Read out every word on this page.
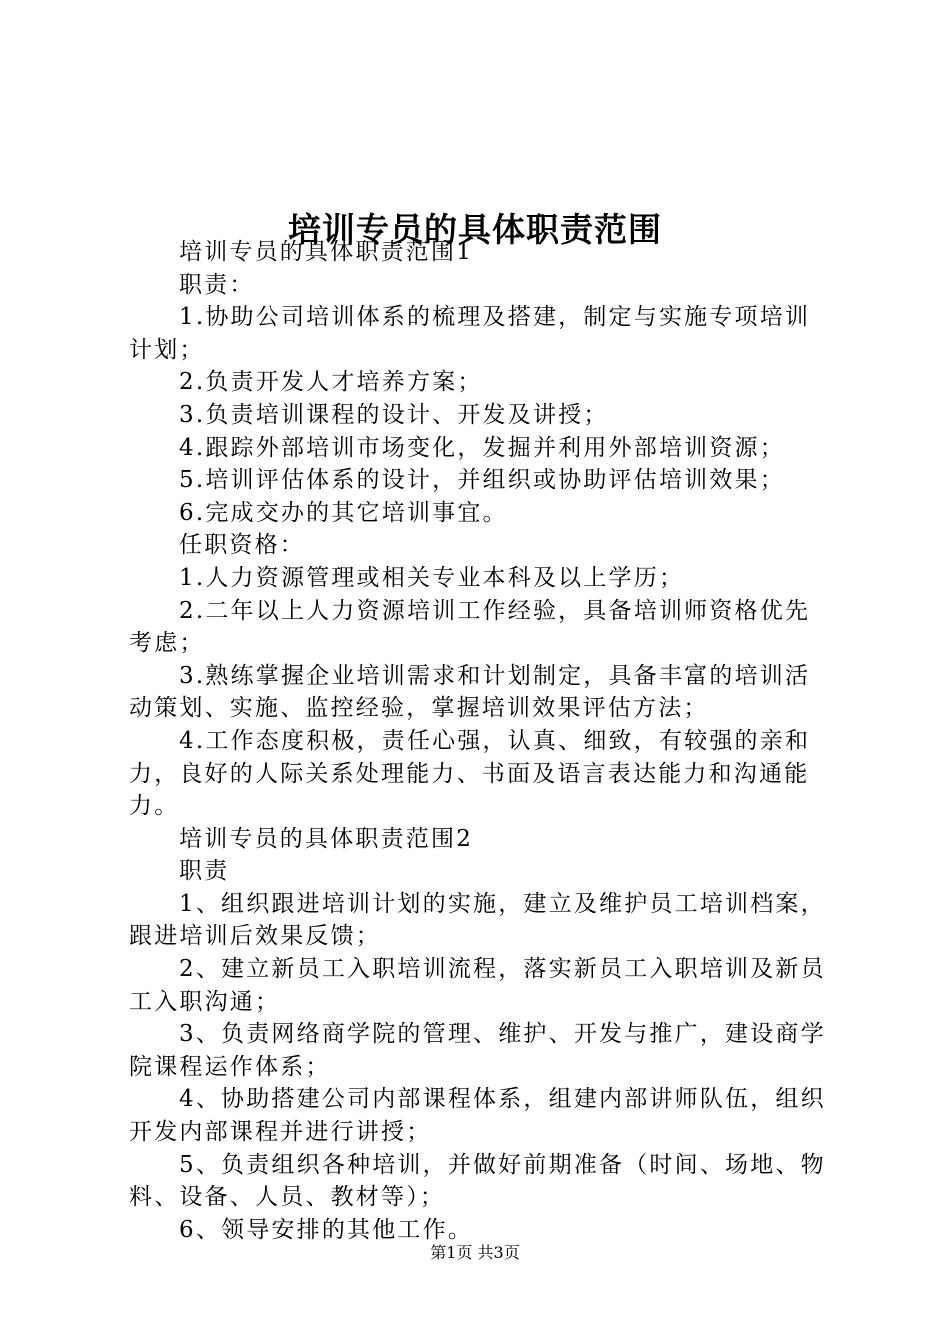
培训专员的具体职责范围

培训专员的具体职责范围1

职责：

1.协助公司培训体系的梳理及搭建，制定与实施专项培训计划；

2.负责开发人才培养方案；

3.负责培训课程的设计、开发及讲授；

4.跟踪外部培训市场变化，发掘并利用外部培训资源；

5.培训评估体系的设计，并组织或协助评估培训效果；

6.完成交办的其它培训事宜。

任职资格：

1.人力资源管理或相关专业本科及以上学历；

2.二年以上人力资源培训工作经验，具备培训师资格优先考虑；

3.熟练掌握企业培训需求和计划制定，具备丰富的培训活动策划、实施、监控经验，掌握培训效果评估方法；

4.工作态度积极，责任心强，认真、细致，有较强的亲和力，良好的人际关系处理能力、书面及语言表达能力和沟通能力。

培训专员的具体职责范围2

职责

1、组织跟进培训计划的实施，建立及维护员工培训档案，跟进培训后效果反馈；

2、建立新员工入职培训流程，落实新员工入职培训及新员工入职沟通；

3、负责网络商学院的管理、维护、开发与推广，建设商学院课程运作体系；

4、协助搭建公司内部课程体系，组建内部讲师队伍，组织开发内部课程并进行讲授；

5、负责组织各种培训，并做好前期准备（时间、场地、物料、设备、人员、教材等）；

6、领导安排的其他工作。

第1页 共3页
